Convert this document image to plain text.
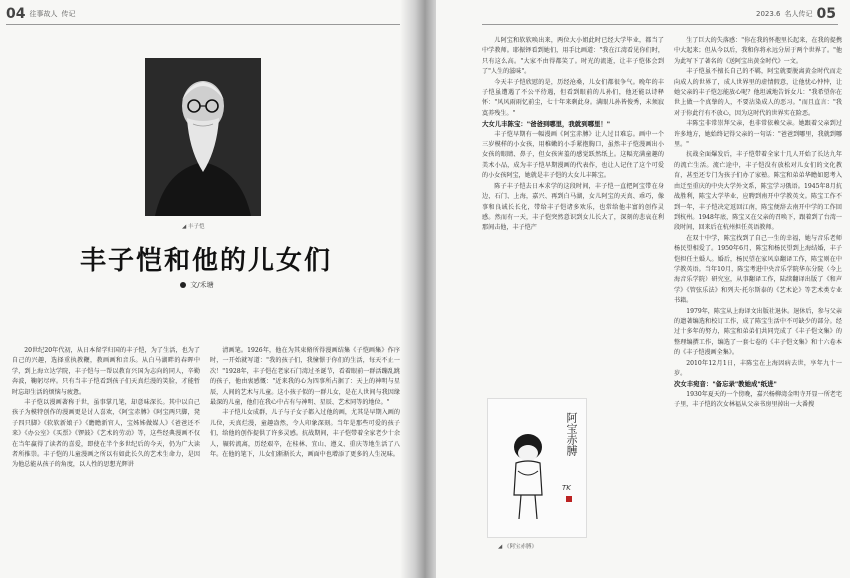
04 往事故人 传记
◢ 丰子恺
丰子恺和他的儿女们
文/禾塘

20世纪20年代初，从日本留学归国的丰子恺，为了生活，也为了自己的兴趣，选择重执教鞭，教画画和音乐。从白马湖畔的春晖中学，到上海立达学院，丰子恺与一帮以教育兴国为志向的同人，辛勤奔波，鞠躬尽瘁。只有当丰子恺看到孩子们天真烂漫的笑脸，才能暂时忘却生活的烦恼与疲惫。

丰子恺以漫画著称于世，虽事掌几笔，却意味深长。其中以自己孩子为模特创作的漫画更是讨人喜欢，《阿宝赤膊》《阿宝两只脚，凳子四只脚》《软软新娘子》《瞻瞻新官人，宝姊姊做媒人》《爸爸还不来》《办公室》《买票》《锣鼓》《艺术的劳动》等，这些经典漫画不仅在当年赢得了读者的喜爱，即使在半个多世纪后的今天，仍为广大读者所推崇。丰子恺的儿童漫画之所以有如此长久的艺术生命力，是因为他总能从孩子的角度，以人性的思想光辉讲

清画笔。1926年，他在为其束脩所得漫画结集《子恺画集》作序时，一开始就写道："我的孩子们，我憧憬于你们的生活，每天不止一次！"1928年，丰子恺在老家石门湾过圣诞节，看着眼前一群活蹦乱跳的孩子，他由衷感慨："近来我的心为四事所占据了：天上的神明与星辰，人间的艺术与儿童。这小孩子似的一群儿女，是在人世间与我因缘最深的儿童，他们在我心中占有与神明、星辰、艺术同等的地位。"

丰子恺儿女成群，儿子与子女子都入过他的画，尤其是早期入画的儿位，天真烂漫，童趣盎然，令人印象深刻。当年是那些可爱的孩子们，给他的创作提供了许多灵感。抗战期间，丰子恺带着全家老少十余人，辗转流离，历经艰辛，在桂林、宜山、遵义、重庆等地生活了八年。在他的笔下，儿女们渐渐长大，画面中也增添了更多的人生况味。

2023.6 名人传记 05

儿阿宝和软软唤出来，两位大小姐此时已经大学毕业，都当了中学教师。耶振铎看到她们，用手比画道："我在江湾看见你们时，只有这么高。"大家不由得都笑了。时光的流逝，让丰子恺体会到了"人生的滋味"。

今天丰子恺欣慰的是，历经沧桑，儿女们都很争气。晚年的丰子恺虽遭遇了不公平待遇，但看到眼前的儿孙们，他还能以诗释怀："风风雨雨忆前尘，七十年来剩此身。满眼儿孙皆俊秀，未须寂寞养残生。"

大女儿丰陈宝："爸爸到哪里，我就到哪里！"

丰子恺早期有一幅漫画《阿宝赤膊》让人过目难忘。画中一个三岁模样的小女孩，用稚嫩的小手紧抱胸口，虽然丰子恺漫画出小女孩的眼睛、鼻子，但女孩害羞的感觉跃然纸上。这幅充满童趣的美术小品，成为丰子恺早期漫画的代表作，也让人记住了这个可爱的小女孩阿宝，她就是丰子恺的大女儿丰陈宝。

陈子丰子恺去日本求学的这段时间，丰子恺一直把阿宝带在身边，石门、上海，嘉兴、再到白马湖，女儿阿宝的天真、乖巧，像事和良诚长长化，带给丰子恺诸多欢乐，也常给他丰富的创作灵感。然而有一天，丰子恺突然意识到女儿长大了，深刻的悲哀在利那间击他，丰子恺产

◢ 《阿宝赤膊》

生了巨大的失落感："你在我的怀抱里长起来，在我的提携中大起来；但从今以后，我和你将永远分居于两个世界了。"他为此写下了著名的《送阿宝出黄金时代》一文。

丰子恺虽不擅长自己的不羁，阿宝就要脱离黄金时代而走向成人的世界了，成人世界里的虚情假意，让他忧心忡忡，让她父亲的丰子恺怎能放心呢？他坦诚地告诉女儿："我希望你在世上做一个真挚的人，不要沾染成人的恶习。"而且直言："我对于你此行有不放心，因为这时代的世界实在险恶。

丰陈宝非常崇拜父亲，也非常依赖父亲。她跟着父亲到过许多地方，她始终记得父亲的一句话："爸爸到哪里，我就到哪里。"

抗战全面爆发后，丰子恺带着全家十几人开始了长达九年的流亡生活。流亡途中，丰子恺没有放松对儿女们的文化教育，甚至还专门为孩子们办了家塾。陈宝和弟弟华瞻如愿考入由迁至重庆的中央大学外文系，陈宝学习俄语。1945年8月抗战胜利，陈宝大学毕业，应聘到南开中学教英文。陈宝工作不到一年，丰子恺决定返回江南，陈宝便辞去南开中学的工作回到杭州。1948年底，陈宝又在父亲的召唤下，跟着到了台湾一段时间，回来后在杭州担任英语教师。

在双十中学，陈宝找到了自己一生的幸福，她与音乐老师杨民望相爱了。1950年6月，陈宝和杨民望到上海结婚，丰子恺担任主婚人。婚后，杨民望在家风阜翻译工作，陈宝则在中学教英语。当年10月，陈宝考进中央音乐学院华东分院（今上海音乐学院）研究室，从事翻译工作，陆续翻译出版了《和声学》《管弦乐法》和列夫·托尔斯泰的《艺术论》等艺术类专业书籍。

1979年，陈宝从上海译文出版社退休。退休后，参与父亲的遗著编选和校订工作，成了陈宝生活中不可缺少的部分。经过十多年的努力，陈宝和弟弟们共同完成了《丰子恺文集》的整理编撰工作，编选了一套七卷的《丰子恺文集》和十六卷本的《丰子恺漫画全集》。

2010年12月1日，丰陈宝在上海因病去世，享年九十一岁。

次女丰宛音："备忘录"教她成"纸进"

1930年夏天的一个傍晚，嘉兴杨柳湾金明寺开显一所老宅子里，丰子恺的次女林福从父亲书房里掉出一大番搜

阿宝赤膊
TK
